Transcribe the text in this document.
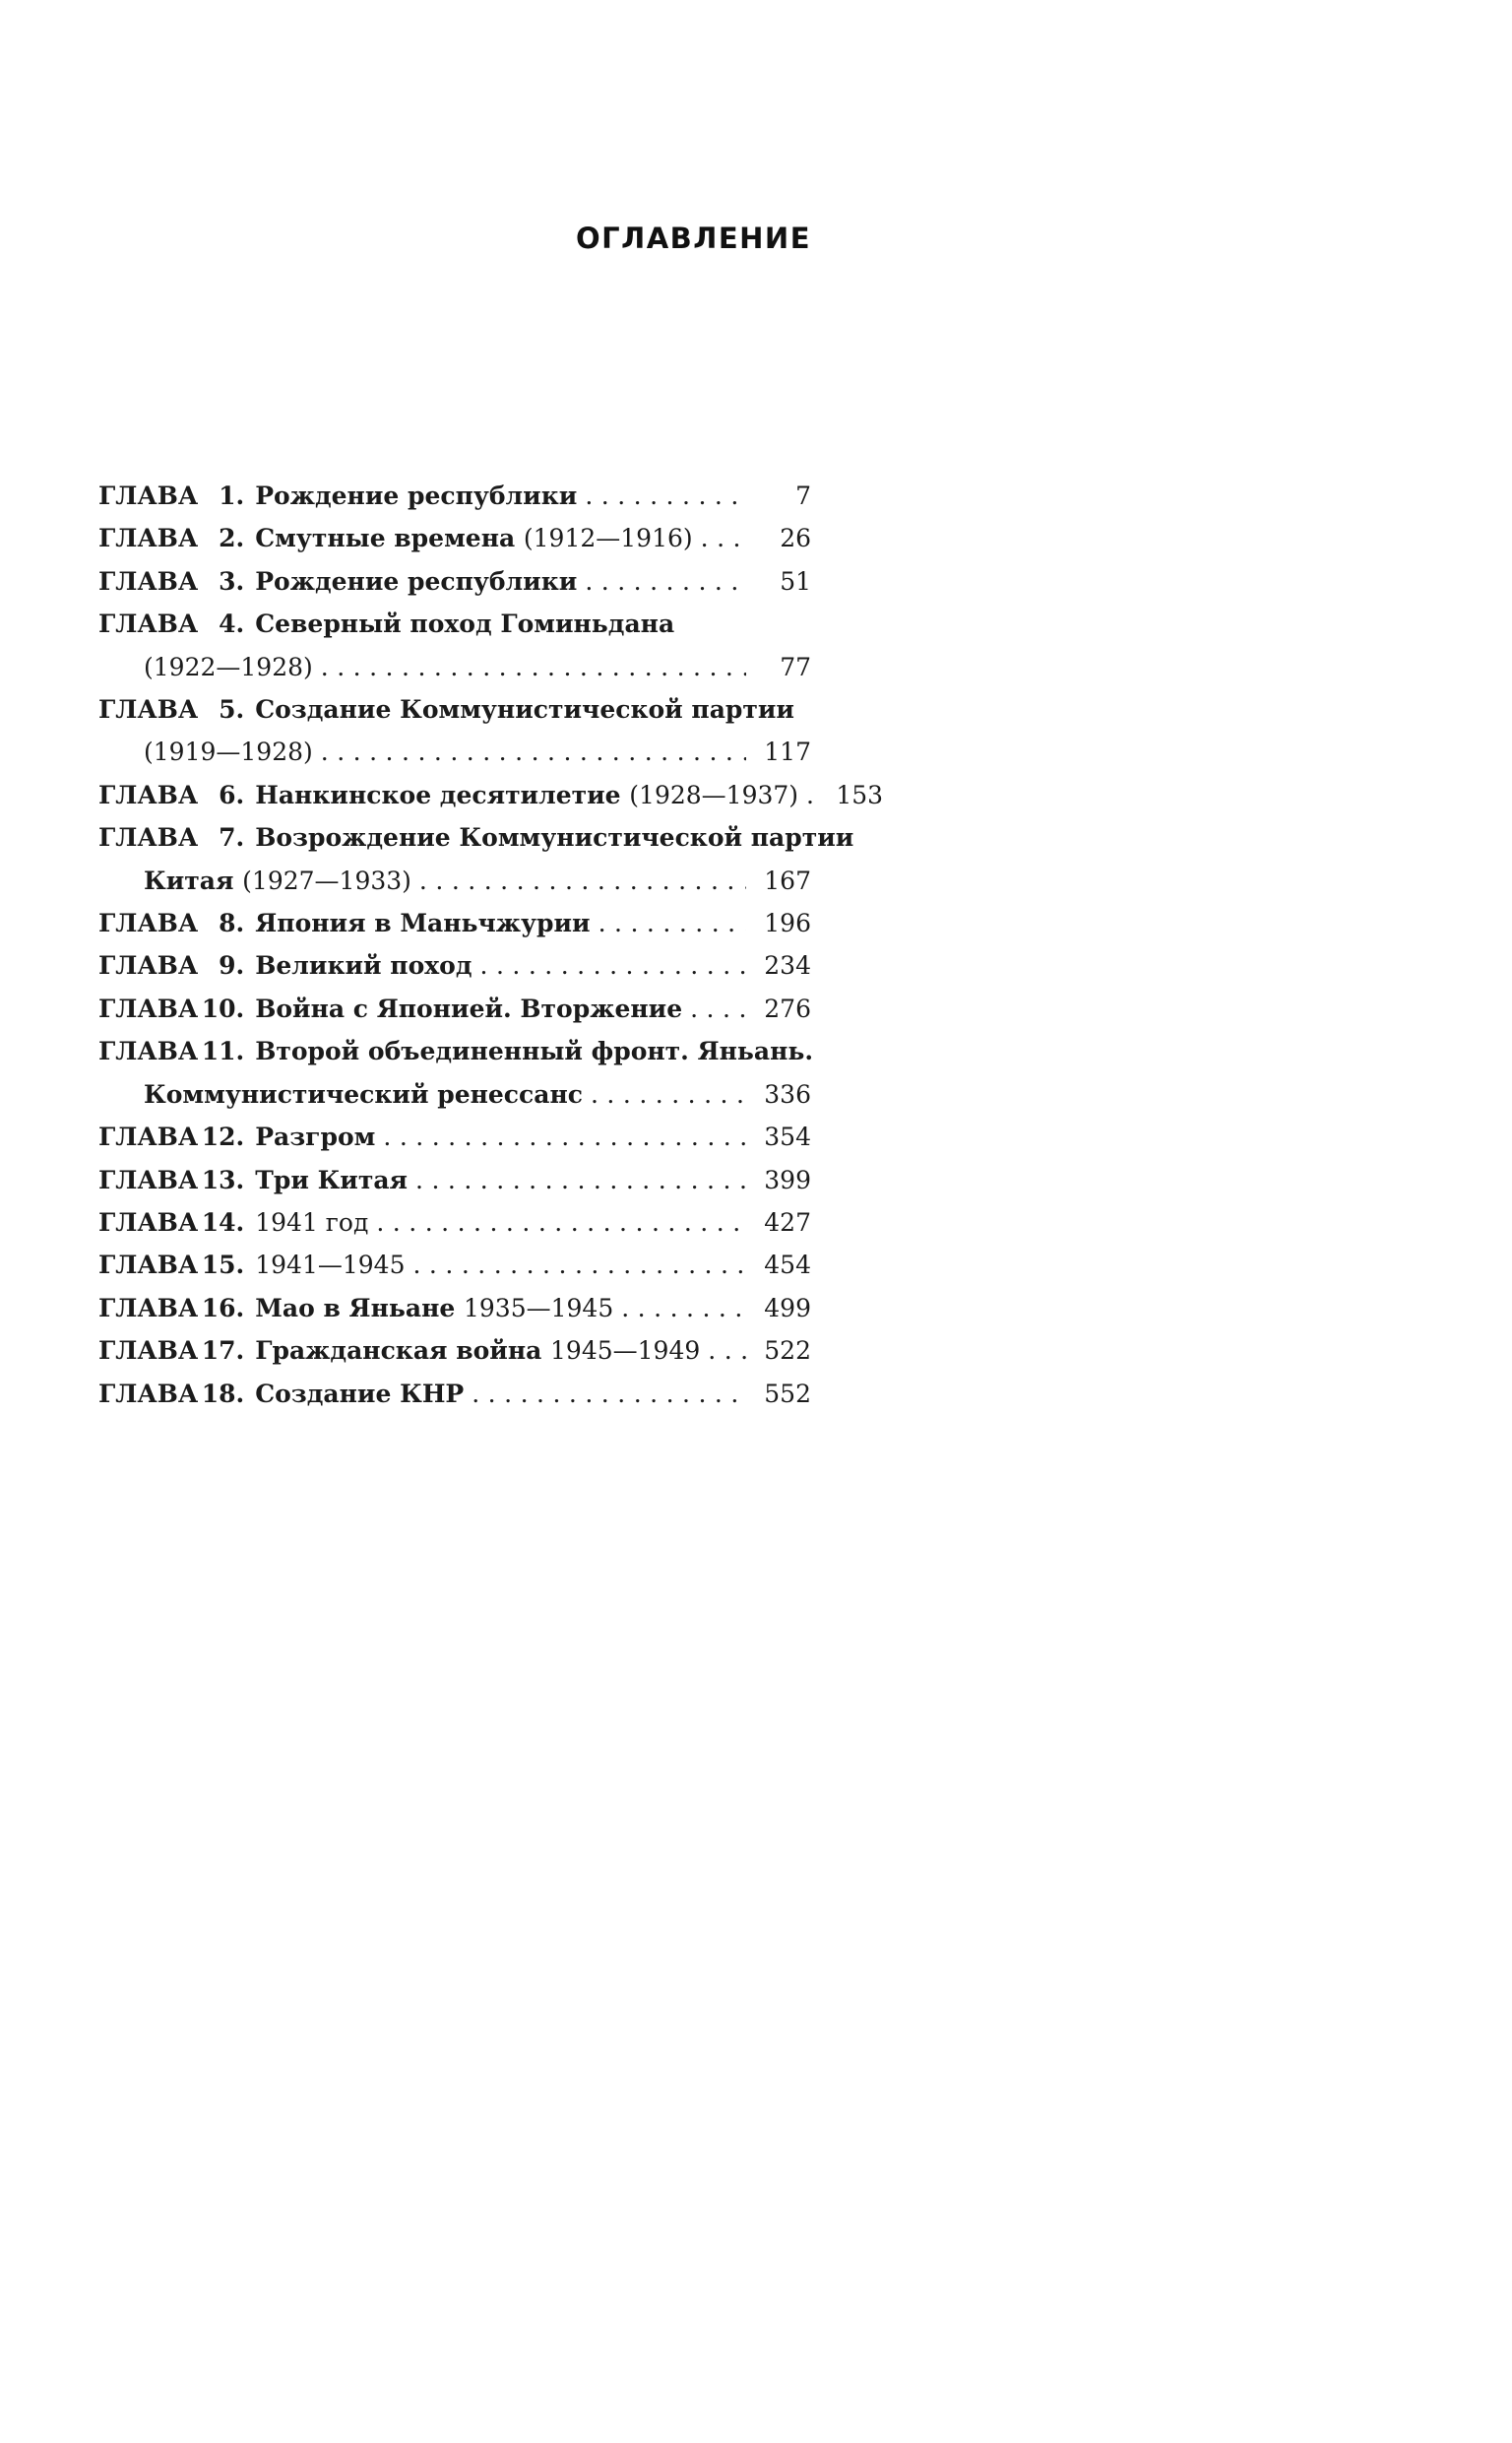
ОГЛАВЛЕНИЕ
ГЛАВА 1. Рождение республики .....	7
ГЛАВА 2. Смутные времена (1912—1916) .....	26
ГЛАВА 3. Рождение республики .....	51
ГЛАВА 4. Северный поход Гоминьдана
(1922—1928) .....	77
ГЛАВА 5. Создание Коммунистической партии
(1919—1928) .....	117
ГЛАВА 6. Нанкинское десятилетие (1928—1937) .....	153
ГЛАВА 7. Возрождение Коммунистической партии
Китая (1927—1933) .....	167
ГЛАВА 8. Япония в Маньчжурии .....	196
ГЛАВА 9. Великий поход .....	234
ГЛАВА 10. Война с Японией. Вторжение .....	276
ГЛАВА 11. Второй объединенный фронт. Яньань.
Коммунистический ренессанс .....	336
ГЛАВА 12. Разгром .....	354
ГЛАВА 13. Три Китая .....	399
ГЛАВА 14. 1941 год .....	427
ГЛАВА 15. 1941—1945 .....	454
ГЛАВА 16. Мао в Яньане 1935—1945 .....	499
ГЛАВА 17. Гражданская война 1945—1949 .....	522
ГЛАВА 18. Создание КНР .....	552
